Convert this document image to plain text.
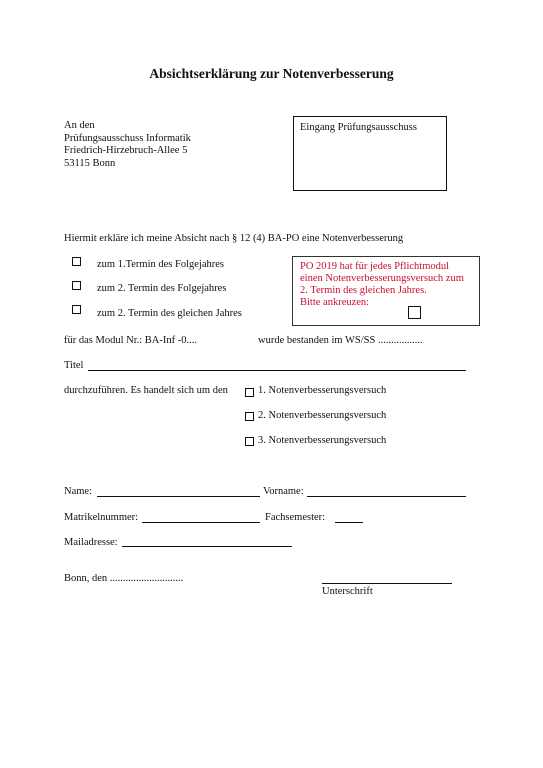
Absichtserklärung zur Notenverbesserung
An den
Prüfungsausschuss Informatik
Friedrich-Hirzebruch-Allee 5
53115 Bonn
Eingang Prüfungsausschuss
Hiermit erkläre ich meine Absicht nach § 12 (4) BA-PO eine Notenverbesserung
zum 1.Termin des Folgejahres
zum 2. Termin des Folgejahres
zum 2. Termin des gleichen Jahres
PO 2019 hat für jedes Pflichtmodul
einen Notenverbesserungsversuch zum
2. Termin des gleichen Jahres.
Bitte ankreuzen:
für das Modul Nr.: BA-Inf -0....	wurde bestanden im WS/SS .................
Titel
durchzuführen. Es handelt sich um den	1. Notenverbesserungsversuch
2. Notenverbesserungsversuch
3. Notenverbesserungsversuch
Name:	Vorname:
Matrikelnummer:	Fachsemester:
Mailadresse:
Bonn, den ............................
Unterschrift
